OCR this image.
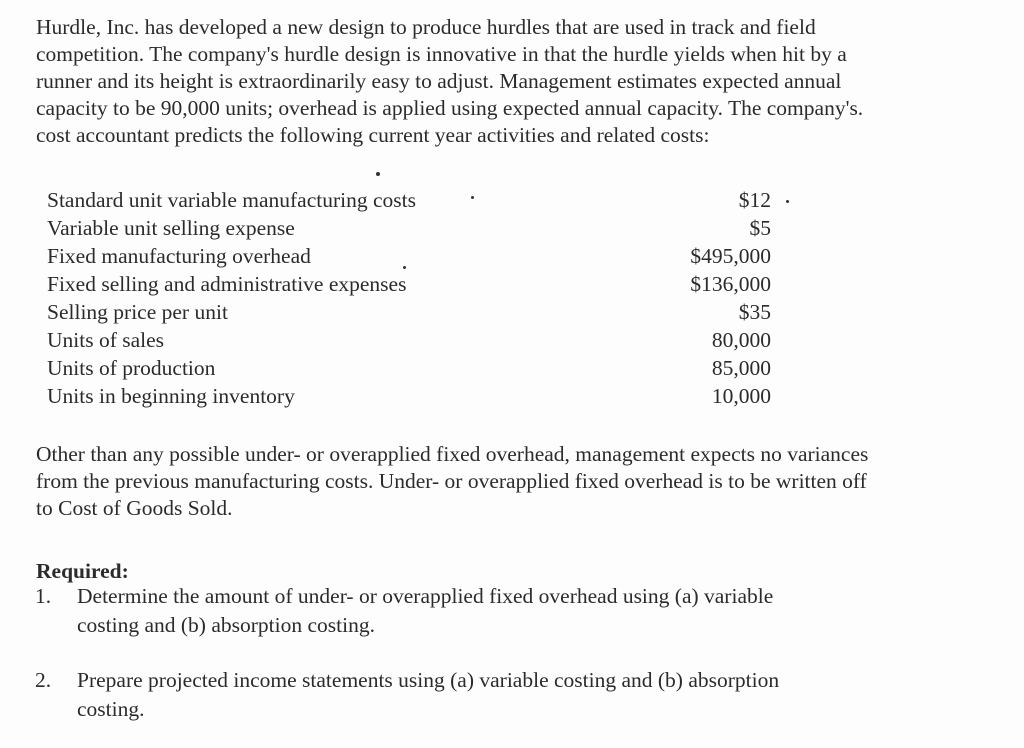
Hurdle, Inc. has developed a new design to produce hurdles that are used in track and field
competition. The company's hurdle design is innovative in that the hurdle yields when hit by a
runner and its height is extraordinarily easy to adjust. Management estimates expected annual
capacity to be 90,000 units; overhead is applied using expected annual capacity. The company's.
cost accountant predicts the following current year activities and related costs:
Standard unit variable manufacturing costs	$12
Variable unit selling expense	$5
Fixed manufacturing overhead	$495,000
Fixed selling and administrative expenses	$136,000
Selling price per unit	$35
Units of sales	80,000
Units of production	85,000
Units in beginning inventory	10,000
Other than any possible under- or overapplied fixed overhead, management expects no variances
from the previous manufacturing costs. Under- or overapplied fixed overhead is to be written off
to Cost of Goods Sold.
Required:
1. Determine the amount of under- or overapplied fixed overhead using (a) variable
costing and (b) absorption costing.
2. Prepare projected income statements using (a) variable costing and (b) absorption
costing.
